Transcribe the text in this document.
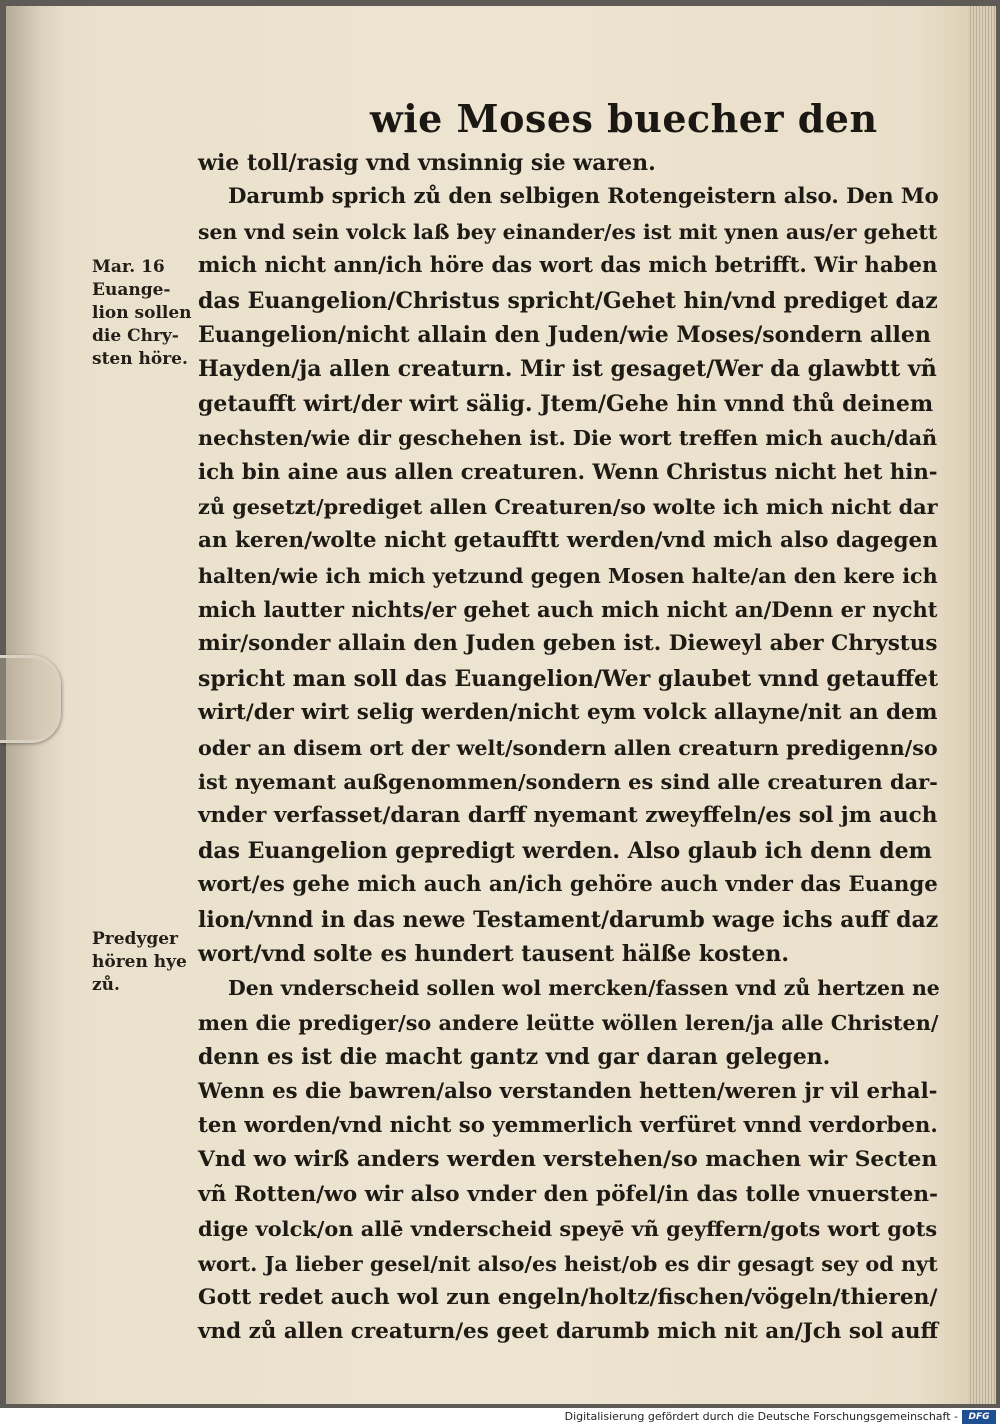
wie Moses buecher den
wie toll/rasig vnd vnsinnig sie waren.
Darumb sprich zů den selbigen Rotengeistern also. Den Mo
sen vnd sein volck laß bey einander/es ist mit ynen aus/er gehett
mich nicht ann/ich höre das wort das mich betrifft. Wir haben
das Euangelion/Christus spricht/Gehet hin/vnd prediget daz
Euangelion/nicht allain den Juden/wie Moses/sondern allen
Hayden/ja allen creaturn. Mir ist gesaget/Wer da glawbtt vñ
getaufft wirt/der wirt sälig. Jtem/Gehe hin vnnd thů deinem
nechsten/wie dir geschehen ist. Die wort treffen mich auch/dañ
ich bin aine aus allen creaturen. Wenn Christus nicht het hin-
zů gesetzt/prediget allen Creaturen/so wolte ich mich nicht dar
an keren/wolte nicht getaufftt werden/vnd mich also dagegen
halten/wie ich mich yetzund gegen Mosen halte/an den kere ich
mich lautter nichts/er gehet auch mich nicht an/Denn er nycht
mir/sonder allain den Juden geben ist. Dieweyl aber Chrystus
spricht man soll das Euangelion/Wer glaubet vnnd getauffet
wirt/der wirt selig werden/nicht eym volck allayne/nit an dem
oder an disem ort der welt/sondern allen creaturn predigenn/so
ist nyemant außgenommen/sondern es sind alle creaturen dar-
vnder verfasset/daran darff nyemant zweyffeln/es sol jm auch
das Euangelion gepredigt werden. Also glaub ich denn dem
wort/es gehe mich auch an/ich gehöre auch vnder das Euange
lion/vnnd in das newe Testament/darumb wage ichs auff daz
wort/vnd solte es hundert tausent hälße kosten.
Den vnderscheid sollen wol mercken/fassen vnd zů hertzen ne
men die prediger/so andere leütte wöllen leren/ja alle Christen/
denn es ist die macht gantz vnd gar daran gelegen.
Wenn es die bawren/also verstanden hetten/weren jr vil erhal-
ten worden/vnd nicht so yemmerlich verfüret vnnd verdorben.
Vnd wo wirß anders werden verstehen/so machen wir Secten
vñ Rotten/wo wir also vnder den pöfel/in das tolle vnuersten-
dige volck/on allē vnderscheid speyē vñ geyffern/gots wort gots
wort. Ja lieber gesel/nit also/es heist/ob es dir gesagt sey od nyt
Gott redet auch wol zun engeln/holtz/fischen/vögeln/thieren/
vnd zů allen creaturn/es geet darumb mich nit an/Jch sol auff
Mar. 16
Euange-
lion sollen
die Chry-
sten höre.
Predyger
hören hye
zů.
Digitalisierung gefördert durch die Deutsche Forschungsgemeinschaft -	DFG
